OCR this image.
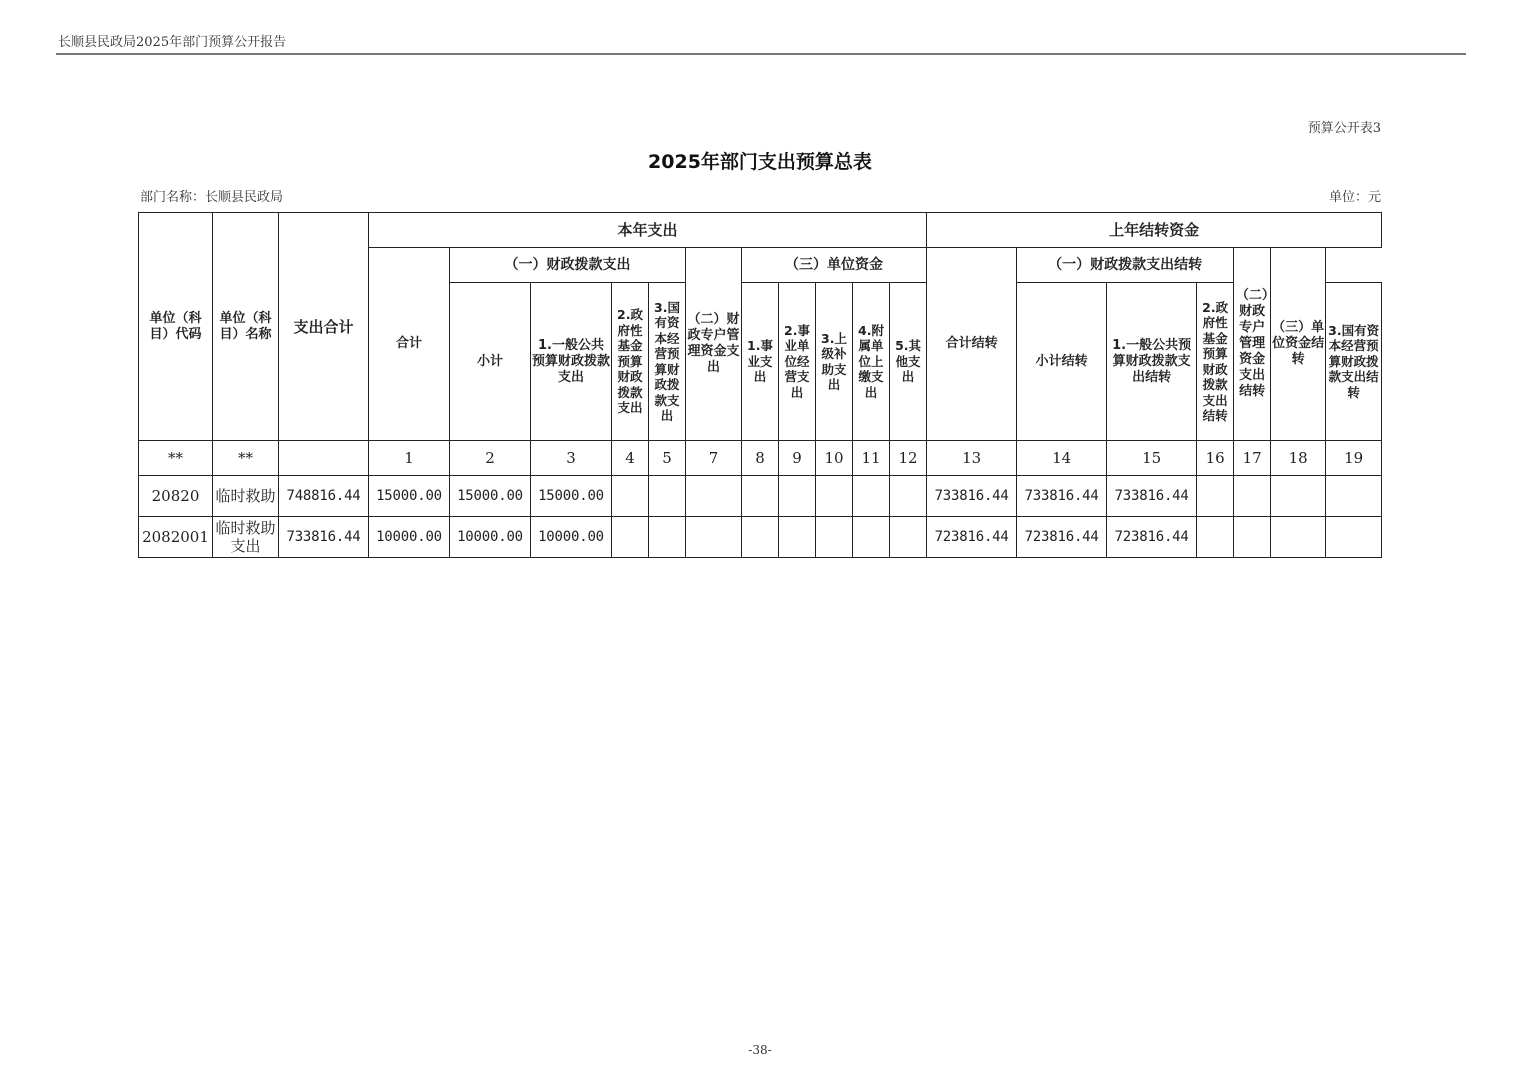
长顺县民政局2025年部门预算公开报告
预算公开表3
2025年部门支出预算总表
部门名称：长顺县民政局	单位：元
单位（科目）代码	单位（科目）名称	支出合计	本年支出											上年结转资金						
			合计	（一）财政拨款支出				（二）财政专户管理资金支出	（三）单位资金					合计结转	（一）财政拨款支出结转			（二）财政专户管理资金支出结转	（三）单位资金结转	
				小计	1.一般公共预算财政拨款支出	2.政府性基金预算财政拨款支出	3.国有资本经营预算财政拨款支出		1.事业支出	2.事业单位经营支出	3.上级补助支出	4.附属单位上缴支出	5.其他支出		小计结转	1.一般公共预算财政拨款支出结转	2.政府性基金预算财政拨款支出结转			3.国有资本经营预算财政拨款支出结转
**	**		1	2	3	4	5	7	8	9	10	11	12	13	14	15	16	17	18	19
20820	临时救助	748816.44	15000.00	15000.00	15000.00									733816.44	733816.44	733816.44				
2082001	临时救助支出	733816.44	10000.00	10000.00	10000.00									723816.44	723816.44	723816.44				
-38-
